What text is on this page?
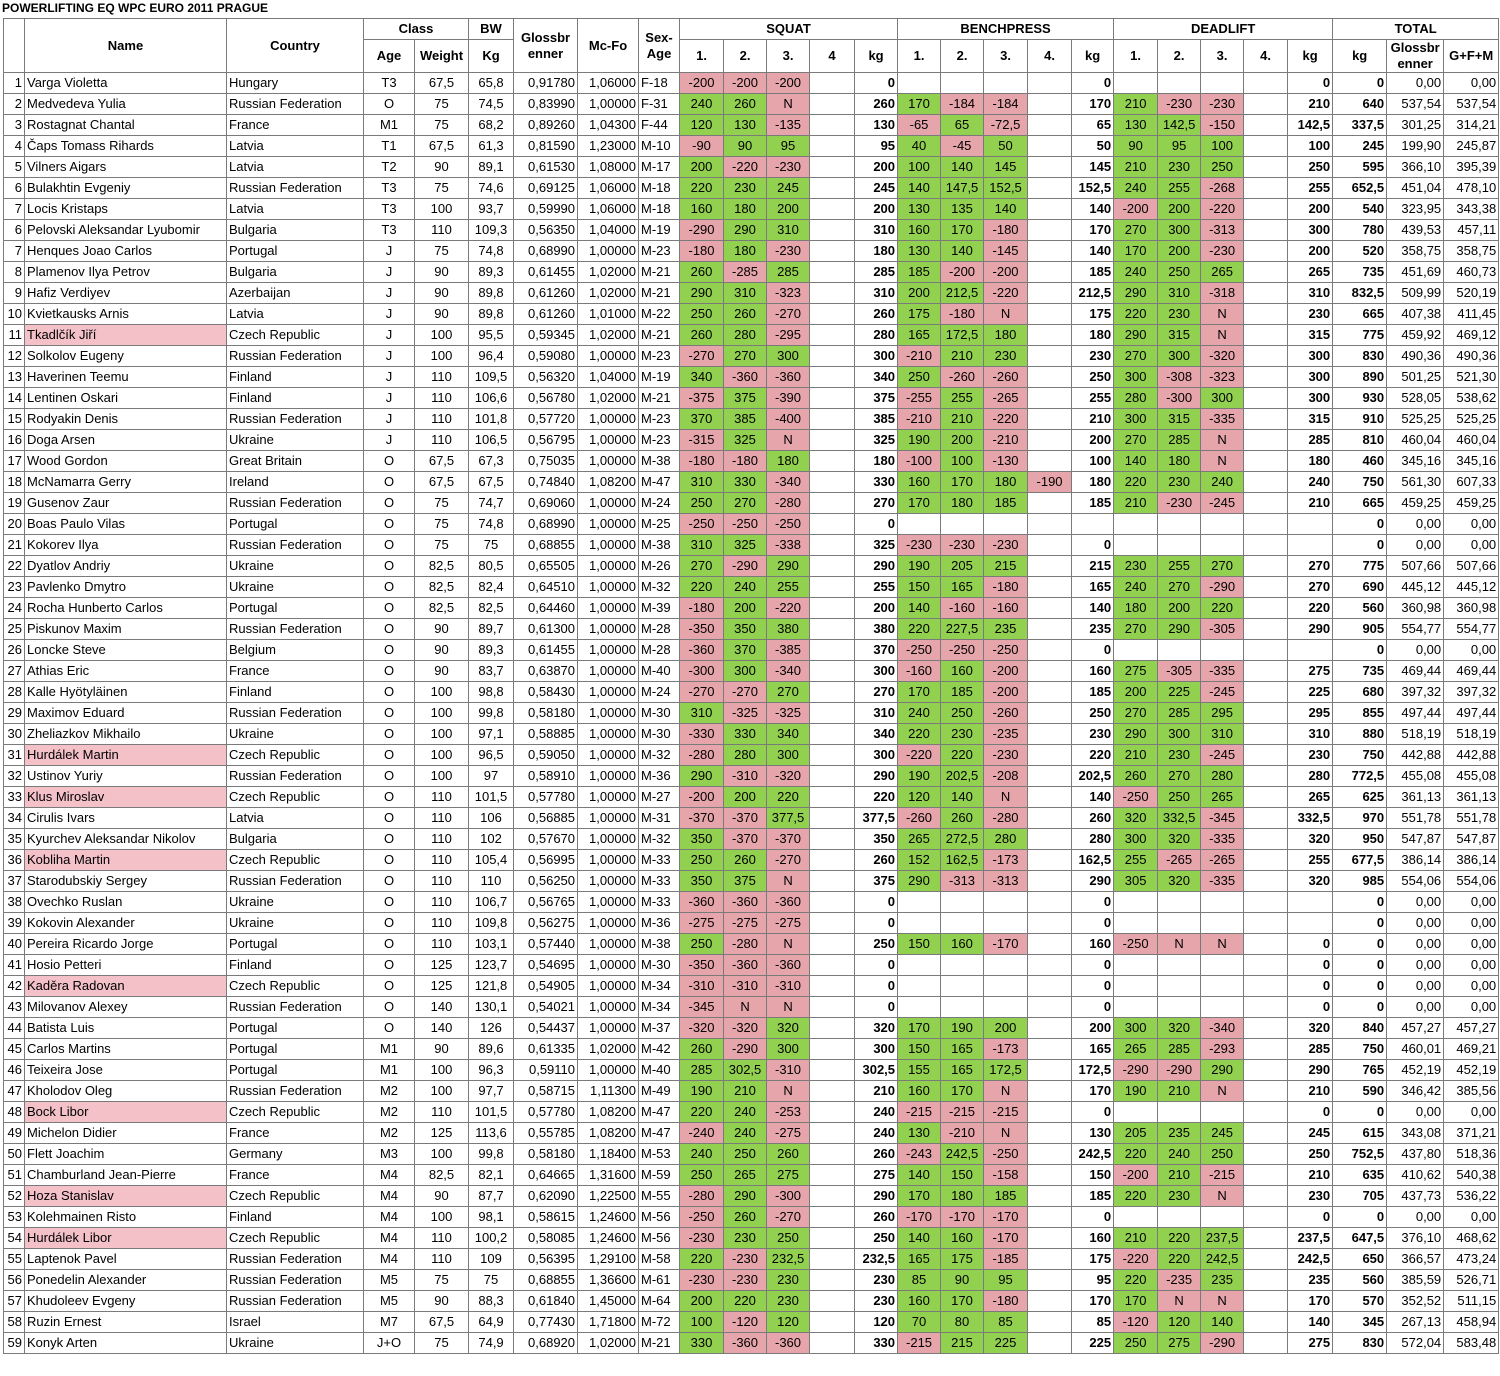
POWERLIFTING EQ WPC EURO 2011 PRAGUE
	Name	Country	Class		BW	Glossbr enner	Mc-Fo	Sex-Age	SQUAT					BENCHPRESS					DEADLIFT					TOTAL		
									1.	2.	3.	4	kg	1.	2.	3.	4.	kg	1.	2.	3.	4.	kg	kg	Glossbr enner	G+F+M
			Age	Weight	Kg																					
1	Varga Violetta	Hungary	T3	67,5	65,8	0,91780	1,06000	F-18	-200	-200	-200		0					0					0	0	0,00	0,00
2	Medvedeva Yulia	Russian Federation	O	75	74,5	0,83990	1,00000	F-31	240	260	N		260	170	-184	-184		170	210	-230	-230		210	640	537,54	537,54
3	Rostagnat Chantal	France	M1	75	68,2	0,89260	1,04300	F-44	120	130	-135		130	-65	65	-72,5		65	130	142,5	-150		142,5	337,5	301,25	314,21
4	Čaps Tomass Rihards	Latvia	T1	67,5	61,3	0,81590	1,23000	M-10	-90	90	95		95	40	-45	50		50	90	95	100		100	245	199,90	245,87
5	Vilners Aigars	Latvia	T2	90	89,1	0,61530	1,08000	M-17	200	-220	-230		200	100	140	145		145	210	230	250		250	595	366,10	395,39
6	Bulakhtin Evgeniy	Russian Federation	T3	75	74,6	0,69125	1,06000	M-18	220	230	245		245	140	147,5	152,5		152,5	240	255	-268		255	652,5	451,04	478,10
7	Locis Kristaps	Latvia	T3	100	93,7	0,59990	1,06000	M-18	160	180	200		200	130	135	140		140	-200	200	-220		200	540	323,95	343,38
6	Pelovski Aleksandar Lyubomir	Bulgaria	T3	110	109,3	0,56350	1,04000	M-19	-290	290	310		310	160	170	-180		170	270	300	-313		300	780	439,53	457,11
7	Henques Joao Carlos	Portugal	J	75	74,8	0,68990	1,00000	M-23	-180	180	-230		180	130	140	-145		140	170	200	-230		200	520	358,75	358,75
8	Plamenov Ilya Petrov	Bulgaria	J	90	89,3	0,61455	1,02000	M-21	260	-285	285		285	185	-200	-200		185	240	250	265		265	735	451,69	460,73
9	Hafiz Verdiyev	Azerbaijan	J	90	89,8	0,61260	1,02000	M-21	290	310	-323		310	200	212,5	-220		212,5	290	310	-318		310	832,5	509,99	520,19
10	Kvietkausks Arnis	Latvia	J	90	89,8	0,61260	1,01000	M-22	250	260	-270		260	175	-180	N		175	220	230	N		230	665	407,38	411,45
11	Tkadlčík Jiří	Czech Republic	J	100	95,5	0,59345	1,02000	M-21	260	280	-295		280	165	172,5	180		180	290	315	N		315	775	459,92	469,12
12	Solkolov Eugeny	Russian Federation	J	100	96,4	0,59080	1,00000	M-23	-270	270	300		300	-210	210	230		230	270	300	-320		300	830	490,36	490,36
13	Haverinen Teemu	Finland	J	110	109,5	0,56320	1,04000	M-19	340	-360	-360		340	250	-260	-260		250	300	-308	-323		300	890	501,25	521,30
14	Lentinen Oskari	Finland	J	110	106,6	0,56780	1,02000	M-21	-375	375	-390		375	-255	255	-265		255	280	-300	300		300	930	528,05	538,62
15	Rodyakin Denis	Russian Federation	J	110	101,8	0,57720	1,00000	M-23	370	385	-400		385	-210	210	-220		210	300	315	-335		315	910	525,25	525,25
16	Doga Arsen	Ukraine	J	110	106,5	0,56795	1,00000	M-23	-315	325	N		325	190	200	-210		200	270	285	N		285	810	460,04	460,04
17	Wood Gordon	Great Britain	O	67,5	67,3	0,75035	1,00000	M-38	-180	-180	180		180	-100	100	-130		100	140	180	N		180	460	345,16	345,16
18	McNamarra Gerry	Ireland	O	67,5	67,5	0,74840	1,08200	M-47	310	330	-340		330	160	170	180	-190	180	220	230	240		240	750	561,30	607,33
19	Gusenov Zaur	Russian Federation	O	75	74,7	0,69060	1,00000	M-24	250	270	-280		270	170	180	185		185	210	-230	-245		210	665	459,25	459,25
20	Boas Paulo Vilas	Portugal	O	75	74,8	0,68990	1,00000	M-25	-250	-250	-250		0											0	0,00	0,00
21	Kokorev Ilya	Russian Federation	O	75	75	0,68855	1,00000	M-38	310	325	-338		325	-230	-230	-230		0						0	0,00	0,00
22	Dyatlov Andriy	Ukraine	O	82,5	80,5	0,65505	1,00000	M-26	270	-290	290		290	190	205	215		215	230	255	270		270	775	507,66	507,66
23	Pavlenko Dmytro	Ukraine	O	82,5	82,4	0,64510	1,00000	M-32	220	240	255		255	150	165	-180		165	240	270	-290		270	690	445,12	445,12
24	Rocha Hunberto Carlos	Portugal	O	82,5	82,5	0,64460	1,00000	M-39	-180	200	-220		200	140	-160	-160		140	180	200	220		220	560	360,98	360,98
25	Piskunov Maxim	Russian Federation	O	90	89,7	0,61300	1,00000	M-28	-350	350	380		380	220	227,5	235		235	270	290	-305		290	905	554,77	554,77
26	Loncke Steve	Belgium	O	90	89,3	0,61455	1,00000	M-28	-360	370	-385		370	-250	-250	-250		0						0	0,00	0,00
27	Athias Eric	France	O	90	83,7	0,63870	1,00000	M-40	-300	300	-340		300	-160	160	-200		160	275	-305	-335		275	735	469,44	469,44
28	Kalle Hyötyläinen	Finland	O	100	98,8	0,58430	1,00000	M-24	-270	-270	270		270	170	185	-200		185	200	225	-245		225	680	397,32	397,32
29	Maximov Eduard	Russian Federation	O	100	99,8	0,58180	1,00000	M-30	310	-325	-325		310	240	250	-260		250	270	285	295		295	855	497,44	497,44
30	Zheliazkov Mikhailo	Ukraine	O	100	97,1	0,58885	1,00000	M-30	-330	330	340		340	220	230	-235		230	290	300	310		310	880	518,19	518,19
31	Hurdálek Martin	Czech Republic	O	100	96,5	0,59050	1,00000	M-32	-280	280	300		300	-220	220	-230		220	210	230	-245		230	750	442,88	442,88
32	Ustinov Yuriy	Russian Federation	O	100	97	0,58910	1,00000	M-36	290	-310	-320		290	190	202,5	-208		202,5	260	270	280		280	772,5	455,08	455,08
33	Klus Miroslav	Czech Republic	O	110	101,5	0,57780	1,00000	M-27	-200	200	220		220	120	140	N		140	-250	250	265		265	625	361,13	361,13
34	Cirulis Ivars	Latvia	O	110	106	0,56885	1,00000	M-31	-370	-370	377,5		377,5	-260	260	-280		260	320	332,5	-345		332,5	970	551,78	551,78
35	Kyurchev Aleksandar Nikolov	Bulgaria	O	110	102	0,57670	1,00000	M-32	350	-370	-370		350	265	272,5	280		280	300	320	-335		320	950	547,87	547,87
36	Kobliha Martin	Czech Republic	O	110	105,4	0,56995	1,00000	M-33	250	260	-270		260	152	162,5	-173		162,5	255	-265	-265		255	677,5	386,14	386,14
37	Starodubskiy Sergey	Russian Federation	O	110	110	0,56250	1,00000	M-33	350	375	N		375	290	-313	-313		290	305	320	-335		320	985	554,06	554,06
38	Ovechko Ruslan	Ukraine	O	110	106,7	0,56765	1,00000	M-33	-360	-360	-360		0					0						0	0,00	0,00
39	Kokovin Alexander	Ukraine	O	110	109,8	0,56275	1,00000	M-36	-275	-275	-275		0					0						0	0,00	0,00
40	Pereira Ricardo Jorge	Portugal	O	110	103,1	0,57440	1,00000	M-38	250	-280	N		250	150	160	-170		160	-250	N	N		0	0	0,00	0,00
41	Hosio Petteri	Finland	O	125	123,7	0,54695	1,00000	M-30	-350	-360	-360		0					0					0	0	0,00	0,00
42	Kaděra Radovan	Czech Republic	O	125	121,8	0,54905	1,00000	M-34	-310	-310	-310		0					0					0	0	0,00	0,00
43	Milovanov Alexey	Russian Federation	O	140	130,1	0,54021	1,00000	M-34	-345	N	N		0					0					0	0	0,00	0,00
44	Batista Luis	Portugal	O	140	126	0,54437	1,00000	M-37	-320	-320	320		320	170	190	200		200	300	320	-340		320	840	457,27	457,27
45	Carlos Martins	Portugal	M1	90	89,6	0,61335	1,02000	M-42	260	-290	300		300	150	165	-173		165	265	285	-293		285	750	460,01	469,21
46	Teixeira Jose	Portugal	M1	100	96,3	0,59110	1,00000	M-40	285	302,5	-310		302,5	155	165	172,5		172,5	-290	-290	290		290	765	452,19	452,19
47	Kholodov Oleg	Russian Federation	M2	100	97,7	0,58715	1,11300	M-49	190	210	N		210	160	170	N		170	190	210	N		210	590	346,42	385,56
48	Bock Libor	Czech Republic	M2	110	101,5	0,57780	1,08200	M-47	220	240	-253		240	-215	-215	-215		0					0	0	0,00	0,00
49	Michelon Didier	France	M2	125	113,6	0,55785	1,08200	M-47	-240	240	-275		240	130	-210	N		130	205	235	245		245	615	343,08	371,21
50	Flett Joachim	Germany	M3	100	99,8	0,58180	1,18400	M-53	240	250	260		260	-243	242,5	-250		242,5	220	240	250		250	752,5	437,80	518,36
51	Chamburland Jean-Pierre	France	M4	82,5	82,1	0,64665	1,31600	M-59	250	265	275		275	140	150	-158		150	-200	210	-215		210	635	410,62	540,38
52	Hoza Stanislav	Czech Republic	M4	90	87,7	0,62090	1,22500	M-55	-280	290	-300		290	170	180	185		185	220	230	N		230	705	437,73	536,22
53	Kolehmainen Risto	Finland	M4	100	98,1	0,58615	1,24600	M-56	-250	260	-270		260	-170	-170	-170		0					0	0	0,00	0,00
54	Hurdálek Libor	Czech Republic	M4	110	100,2	0,58085	1,24600	M-56	-230	230	250		250	140	160	-170		160	210	220	237,5		237,5	647,5	376,10	468,62
55	Laptenok Pavel	Russian Federation	M4	110	109	0,56395	1,29100	M-58	220	-230	232,5		232,5	165	175	-185		175	-220	220	242,5		242,5	650	366,57	473,24
56	Ponedelin Alexander	Russian Federation	M5	75	75	0,68855	1,36600	M-61	-230	-230	230		230	85	90	95		95	220	-235	235		235	560	385,59	526,71
57	Khudoleev Evgeny	Russian Federation	M5	90	88,3	0,61840	1,45000	M-64	200	220	230		230	160	170	-180		170	170	N	N		170	570	352,52	511,15
58	Ruzin Ernest	Israel	M7	67,5	64,9	0,77430	1,71800	M-72	100	-120	120		120	70	80	85		85	-120	120	140		140	345	267,13	458,94
59	Konyk Arten	Ukraine	J+O	75	74,9	0,68920	1,02000	M-21	330	-360	-360		330	-215	215	225		225	250	275	-290		275	830	572,04	583,48
